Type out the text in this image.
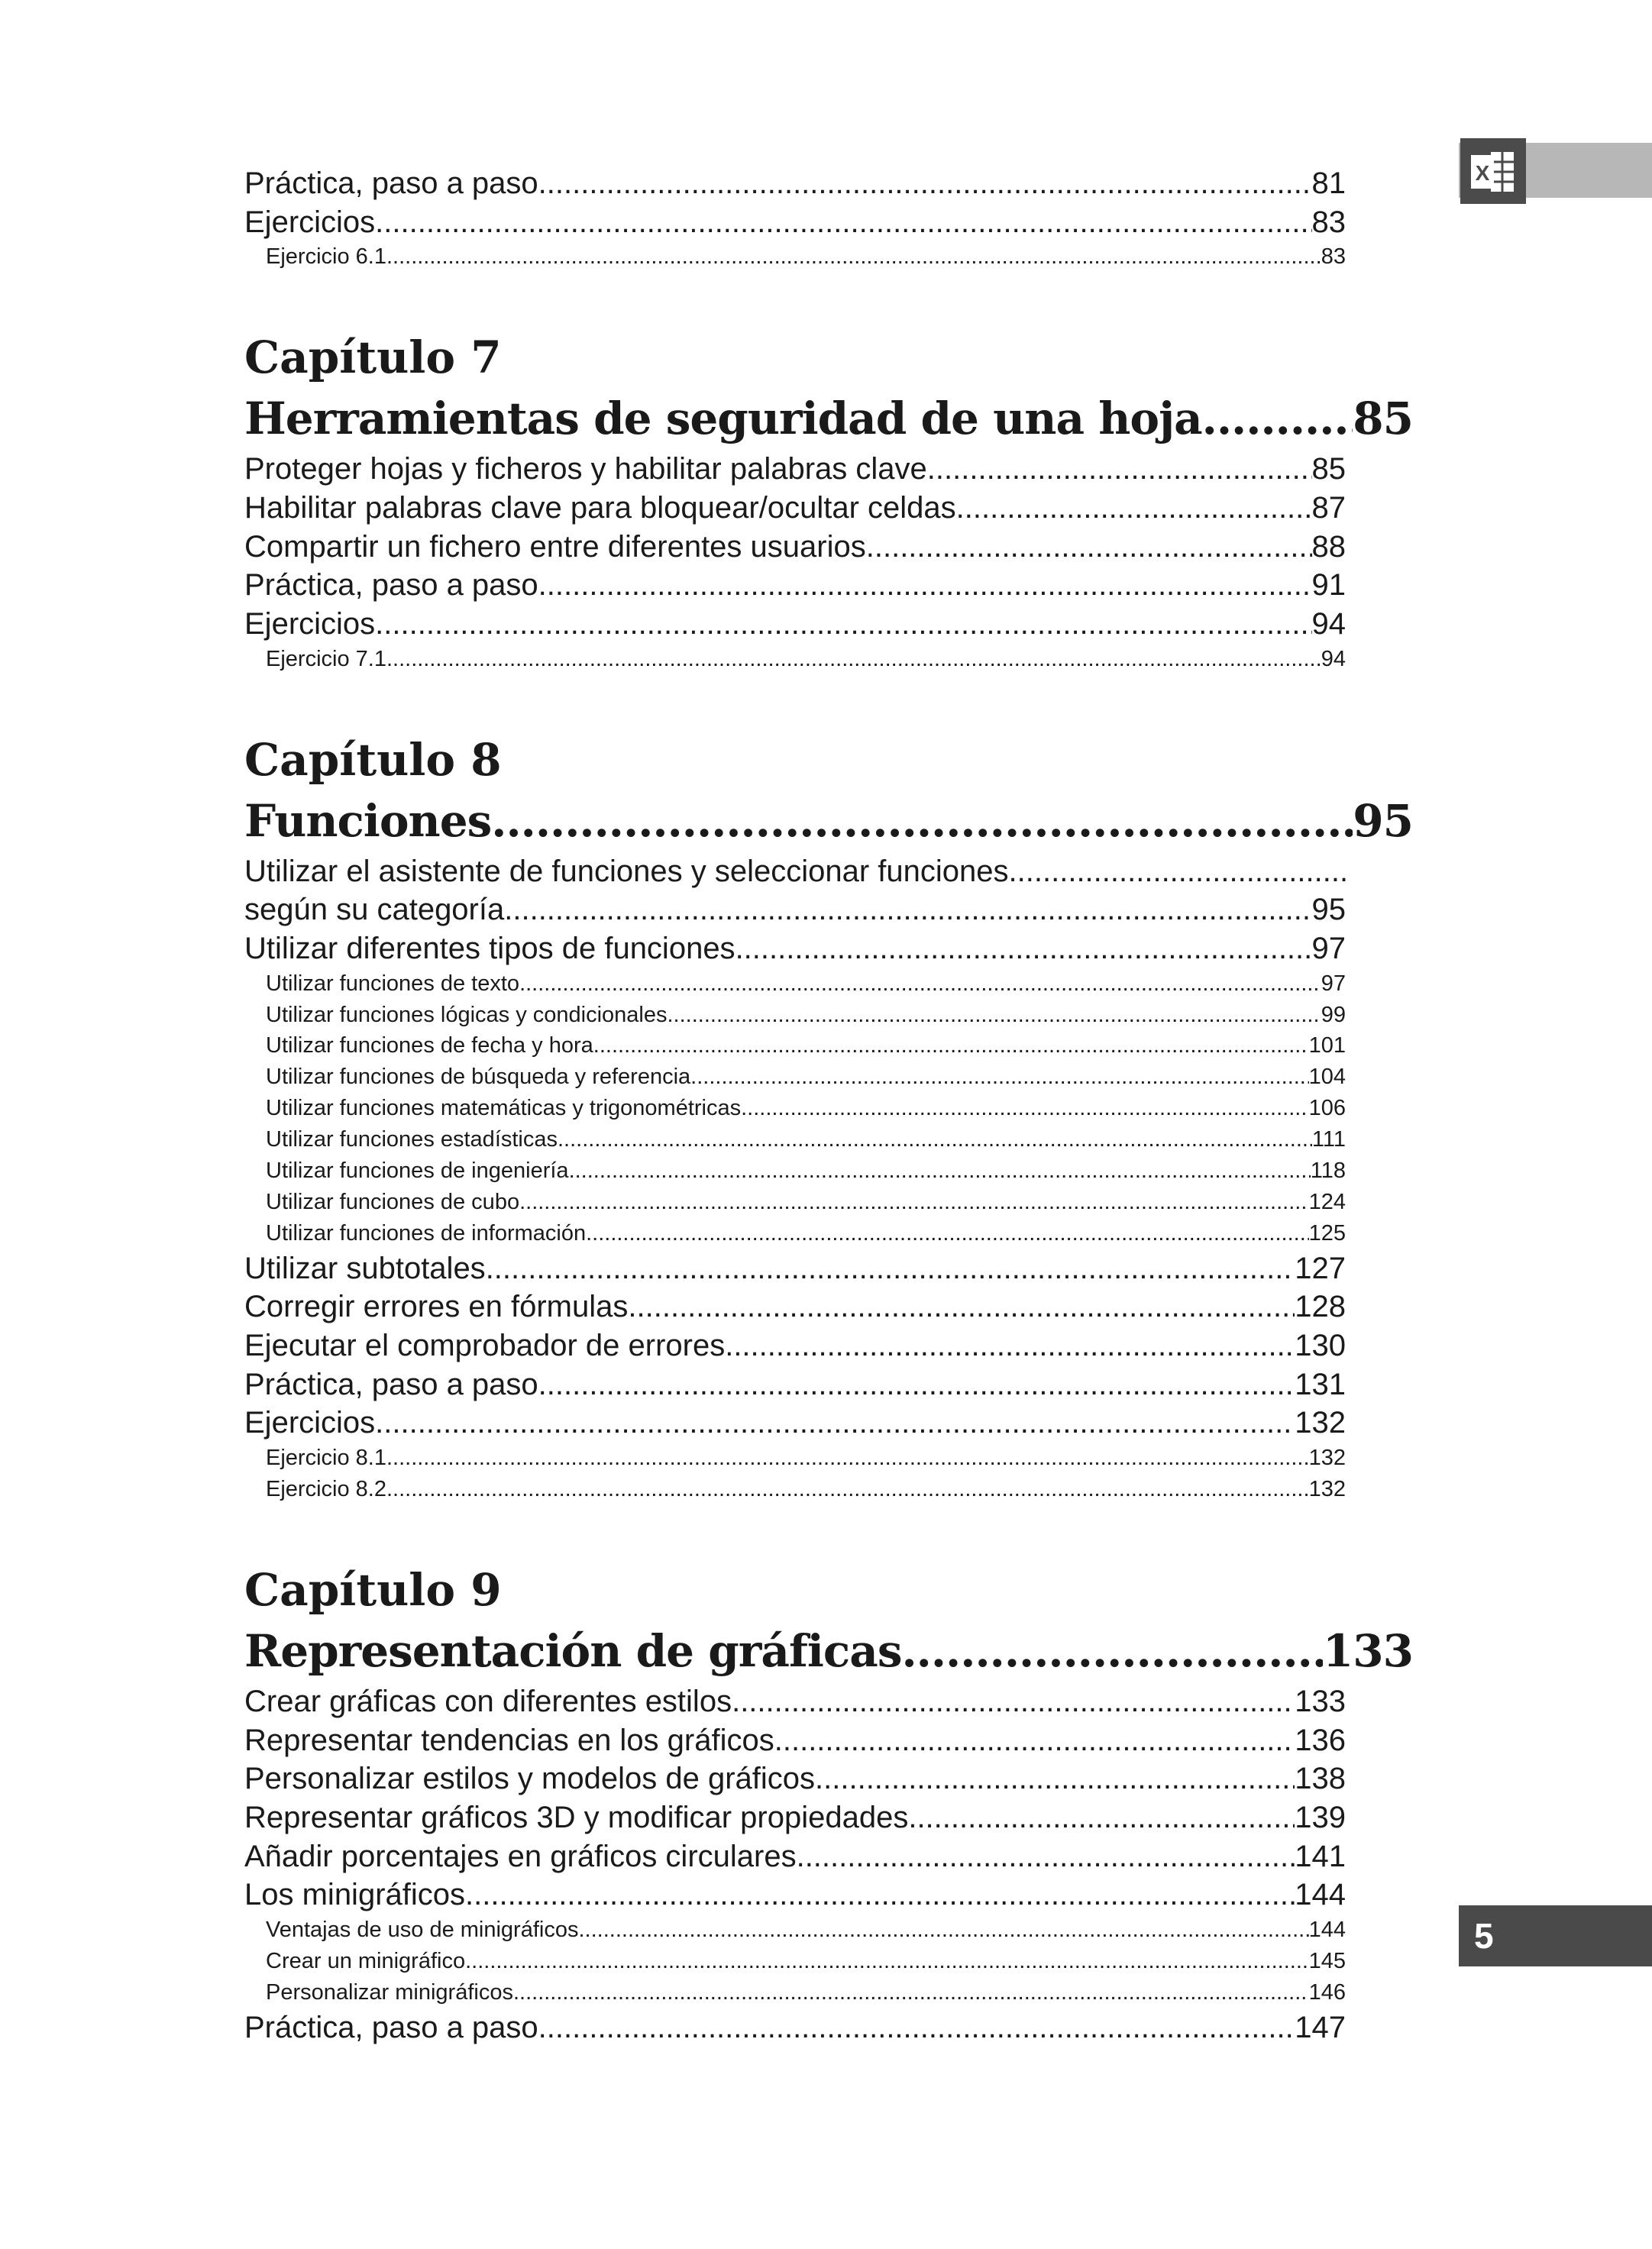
X
Práctica, paso a paso .....	81
Ejercicios .....	83
Ejercicio 6.1 .....	83
Capítulo 7
Herramientas de seguridad de una hoja .....	85
Proteger hojas y ficheros y habilitar palabras clave .....	85
Habilitar palabras clave para bloquear/ocultar celdas .....	87
Compartir un fichero entre diferentes usuarios .....	88
Práctica, paso a paso .....	91
Ejercicios .....	94
Ejercicio 7.1 .....	94
Capítulo 8
Funciones .....	95
Utilizar el asistente de funciones y seleccionar funciones
.....
según su categoría .....	95
Utilizar diferentes tipos de funciones .....	97
Utilizar funciones de texto .....	97
Utilizar funciones lógicas y condicionales .....	99
Utilizar funciones de fecha y hora .....	101
Utilizar funciones de búsqueda y referencia .....	104
Utilizar funciones matemáticas y trigonométricas .....	106
Utilizar funciones estadísticas .....	111
Utilizar funciones de ingeniería .....	118
Utilizar funciones de cubo .....	124
Utilizar funciones de información .....	125
Utilizar subtotales .....	127
Corregir errores en fórmulas .....	128
Ejecutar el comprobador de errores .....	130
Práctica, paso a paso .....	131
Ejercicios .....	132
Ejercicio 8.1 .....	132
Ejercicio 8.2 .....	132
Capítulo 9
Representación de gráficas .....	133
Crear gráficas con diferentes estilos .....	133
Representar tendencias en los gráficos .....	136
Personalizar estilos y modelos de gráficos .....	138
Representar gráficos 3D y modificar propiedades .....	139
Añadir porcentajes en gráficos circulares .....	141
Los minigráficos .....	144
Ventajas de uso de minigráficos .....	144
Crear un minigráfico .....	145
Personalizar minigráficos .....	146
Práctica, paso a paso .....	147
5
